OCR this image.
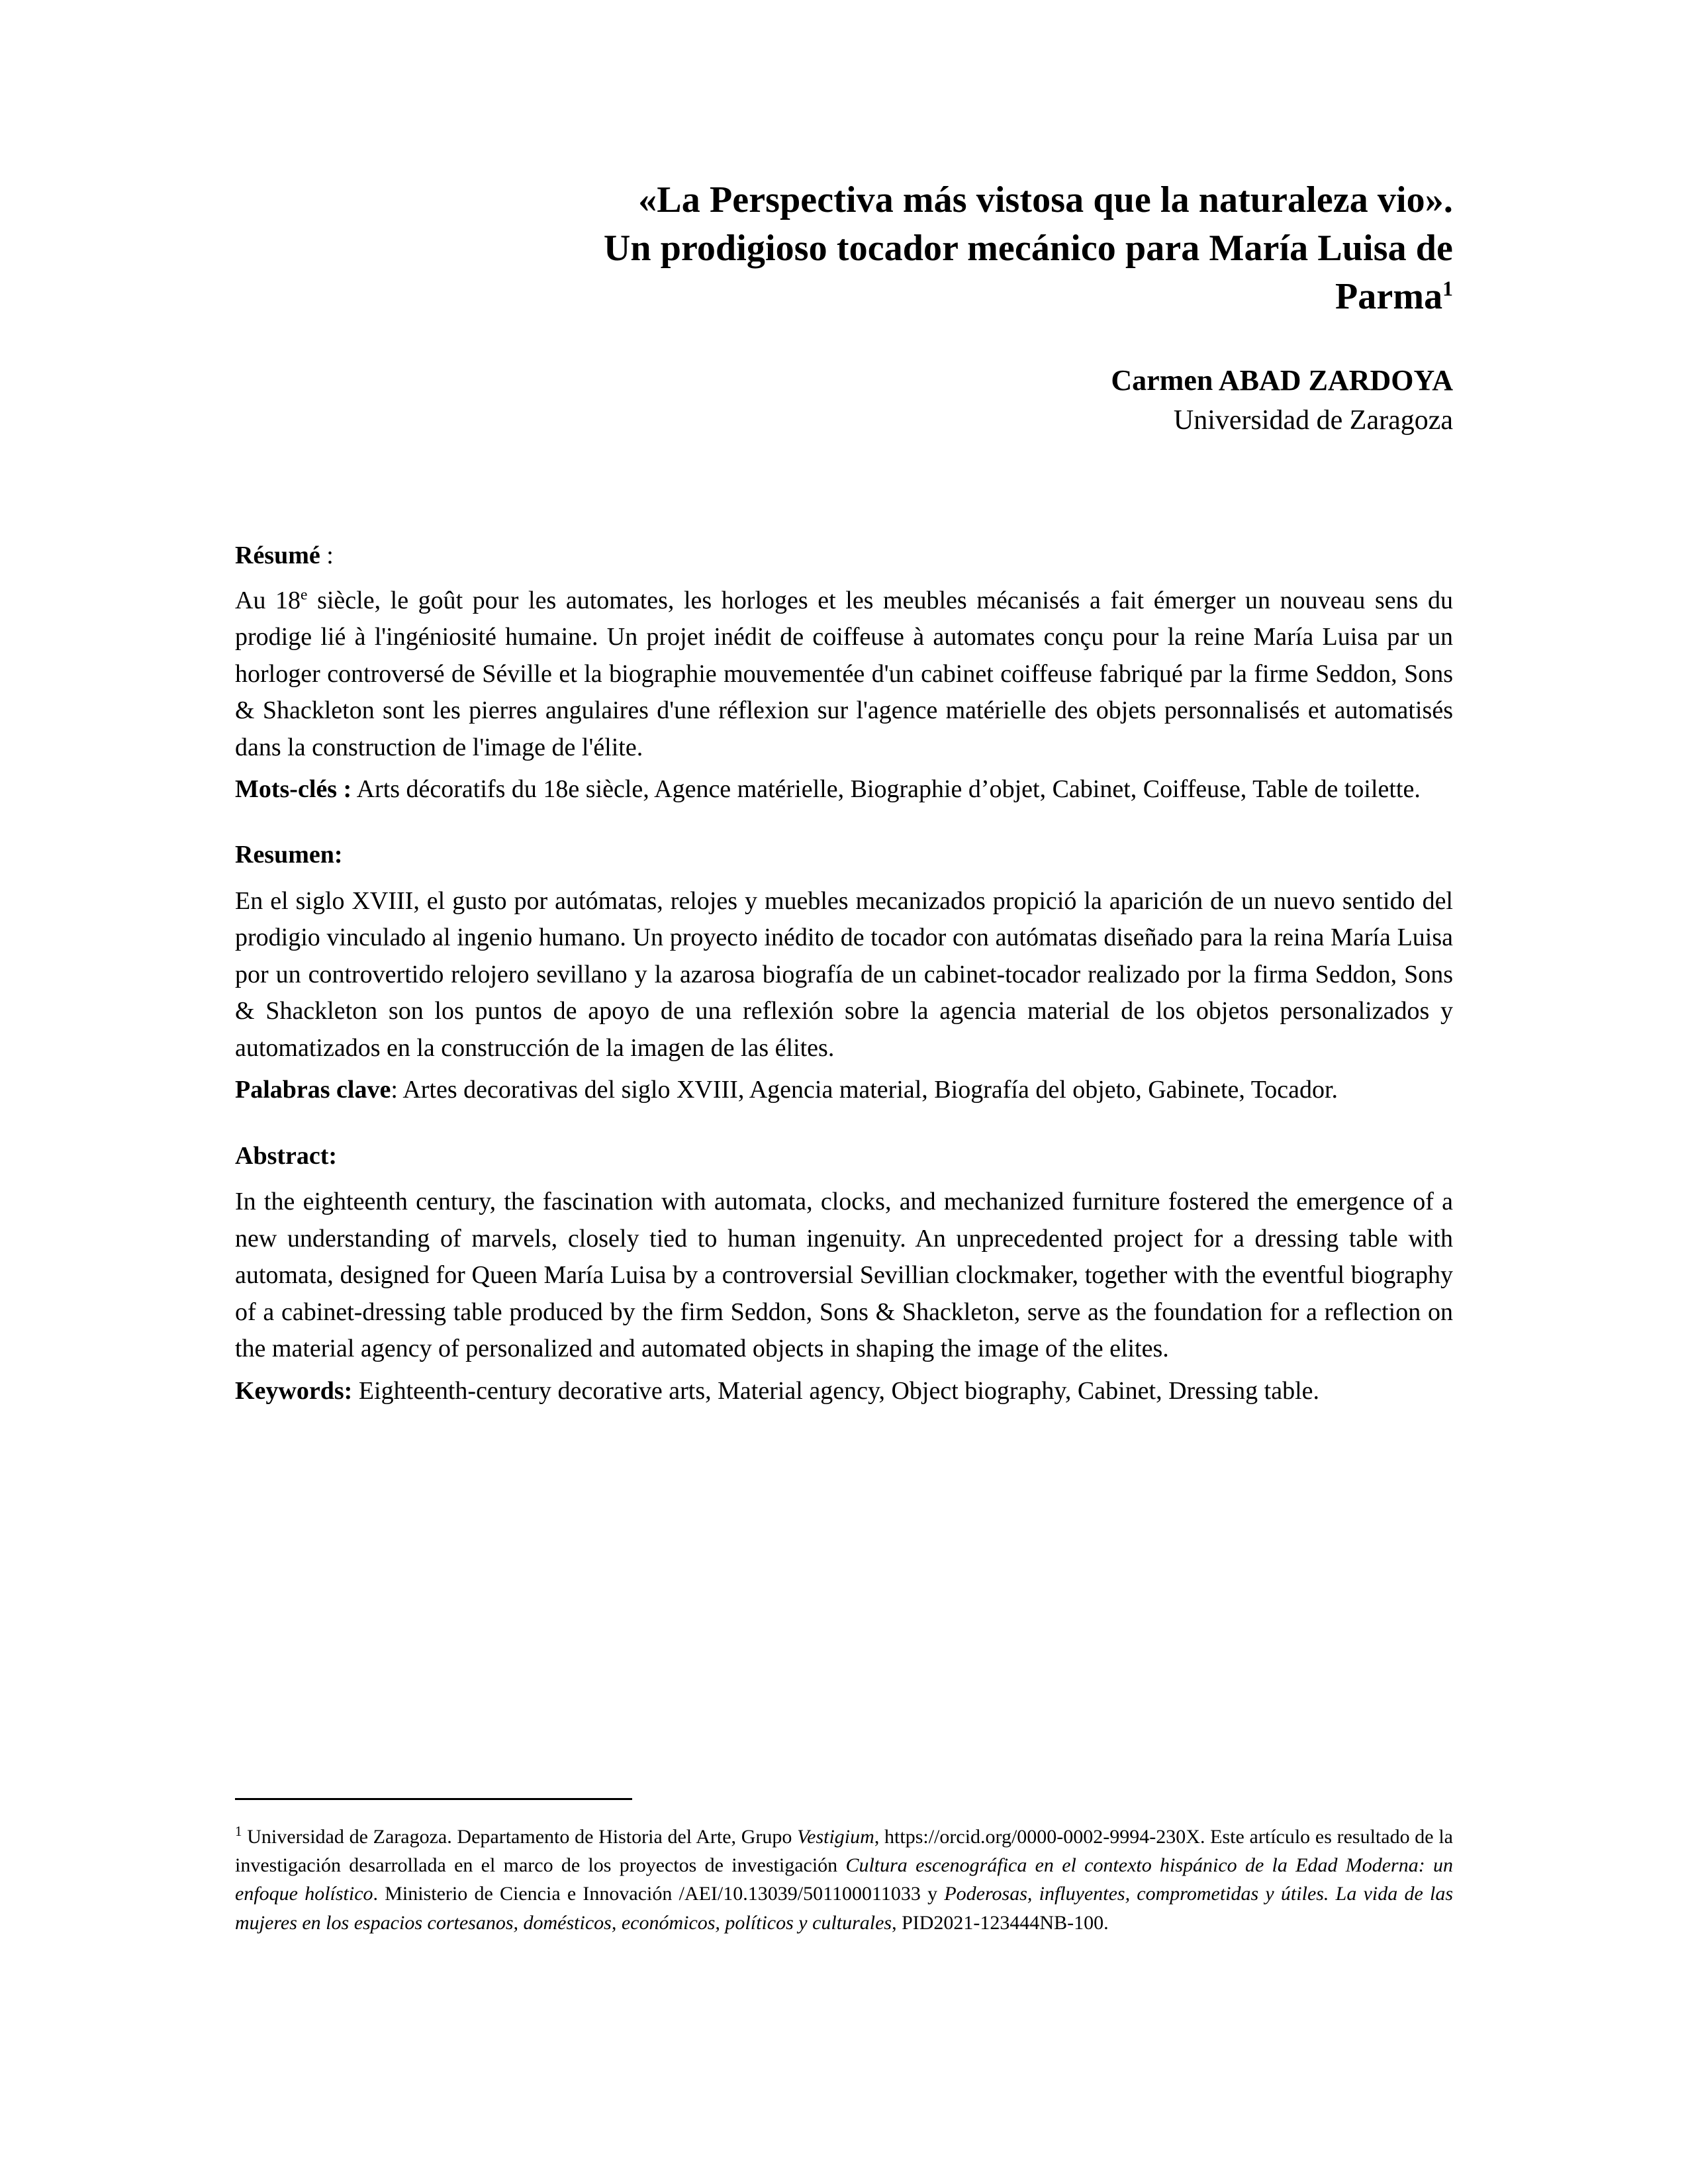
«La Perspectiva más vistosa que la naturaleza vio».
Un prodigioso tocador mecánico para María Luisa de
Parma$^1$
Carmen ABAD ZARDOYA
Universidad de Zaragoza

Résumé :

Au 18e siècle, le goût pour les automates, les horloges et les meubles mécanisés a fait émerger un nouveau sens du prodige lié à l'ingéniosité humaine. Un projet inédit de coiffeuse à automates conçu pour la reine María Luisa par un horloger controversé de Séville et la biographie mouvementée d'un cabinet coiffeuse fabriqué par la firme Seddon, Sons & Shackleton sont les pierres angulaires d'une réflexion sur l'agence matérielle des objets personnalisés et automatisés dans la construction de l'image de l'élite.

Mots-clés : Arts décoratifs du 18e siècle, Agence matérielle, Biographie d’objet, Cabinet, Coiffeuse, Table de toilette.

Resumen:

En el siglo XVIII, el gusto por autómatas, relojes y muebles mecanizados propició la aparición de un nuevo sentido del prodigio vinculado al ingenio humano. Un proyecto inédito de tocador con autómatas diseñado para la reina María Luisa por un controvertido relojero sevillano y la azarosa biografía de un cabinet-tocador realizado por la firma Seddon, Sons & Shackleton son los puntos de apoyo de una reflexión sobre la agencia material de los objetos personalizados y automatizados en la construcción de la imagen de las élites.

Palabras clave: Artes decorativas del siglo XVIII, Agencia material, Biografía del objeto, Gabinete, Tocador.

Abstract:

In the eighteenth century, the fascination with automata, clocks, and mechanized furniture fostered the emergence of a new understanding of marvels, closely tied to human ingenuity. An unprecedented project for a dressing table with automata, designed for Queen María Luisa by a controversial Sevillian clockmaker, together with the eventful biography of a cabinet-dressing table produced by the firm Seddon, Sons & Shackleton, serve as the foundation for a reflection on the material agency of personalized and automated objects in shaping the image of the elites.

Keywords: Eighteenth-century decorative arts, Material agency, Object biography, Cabinet, Dressing table.

$^1$ Universidad de Zaragoza. Departamento de Historia del Arte, Grupo Vestigium, https://orcid.org/0000-0002-9994-230X. Este artículo es resultado de la investigación desarrollada en el marco de los proyectos de investigación Cultura escenográfica en el contexto hispánico de la Edad Moderna: un enfoque holístico. Ministerio de Ciencia e Innovación /AEI/10.13039/501100011033 y Poderosas, influyentes, comprometidas y útiles. La vida de las mujeres en los espacios cortesanos, domésticos, económicos, políticos y culturales, PID2021-123444NB-100.
